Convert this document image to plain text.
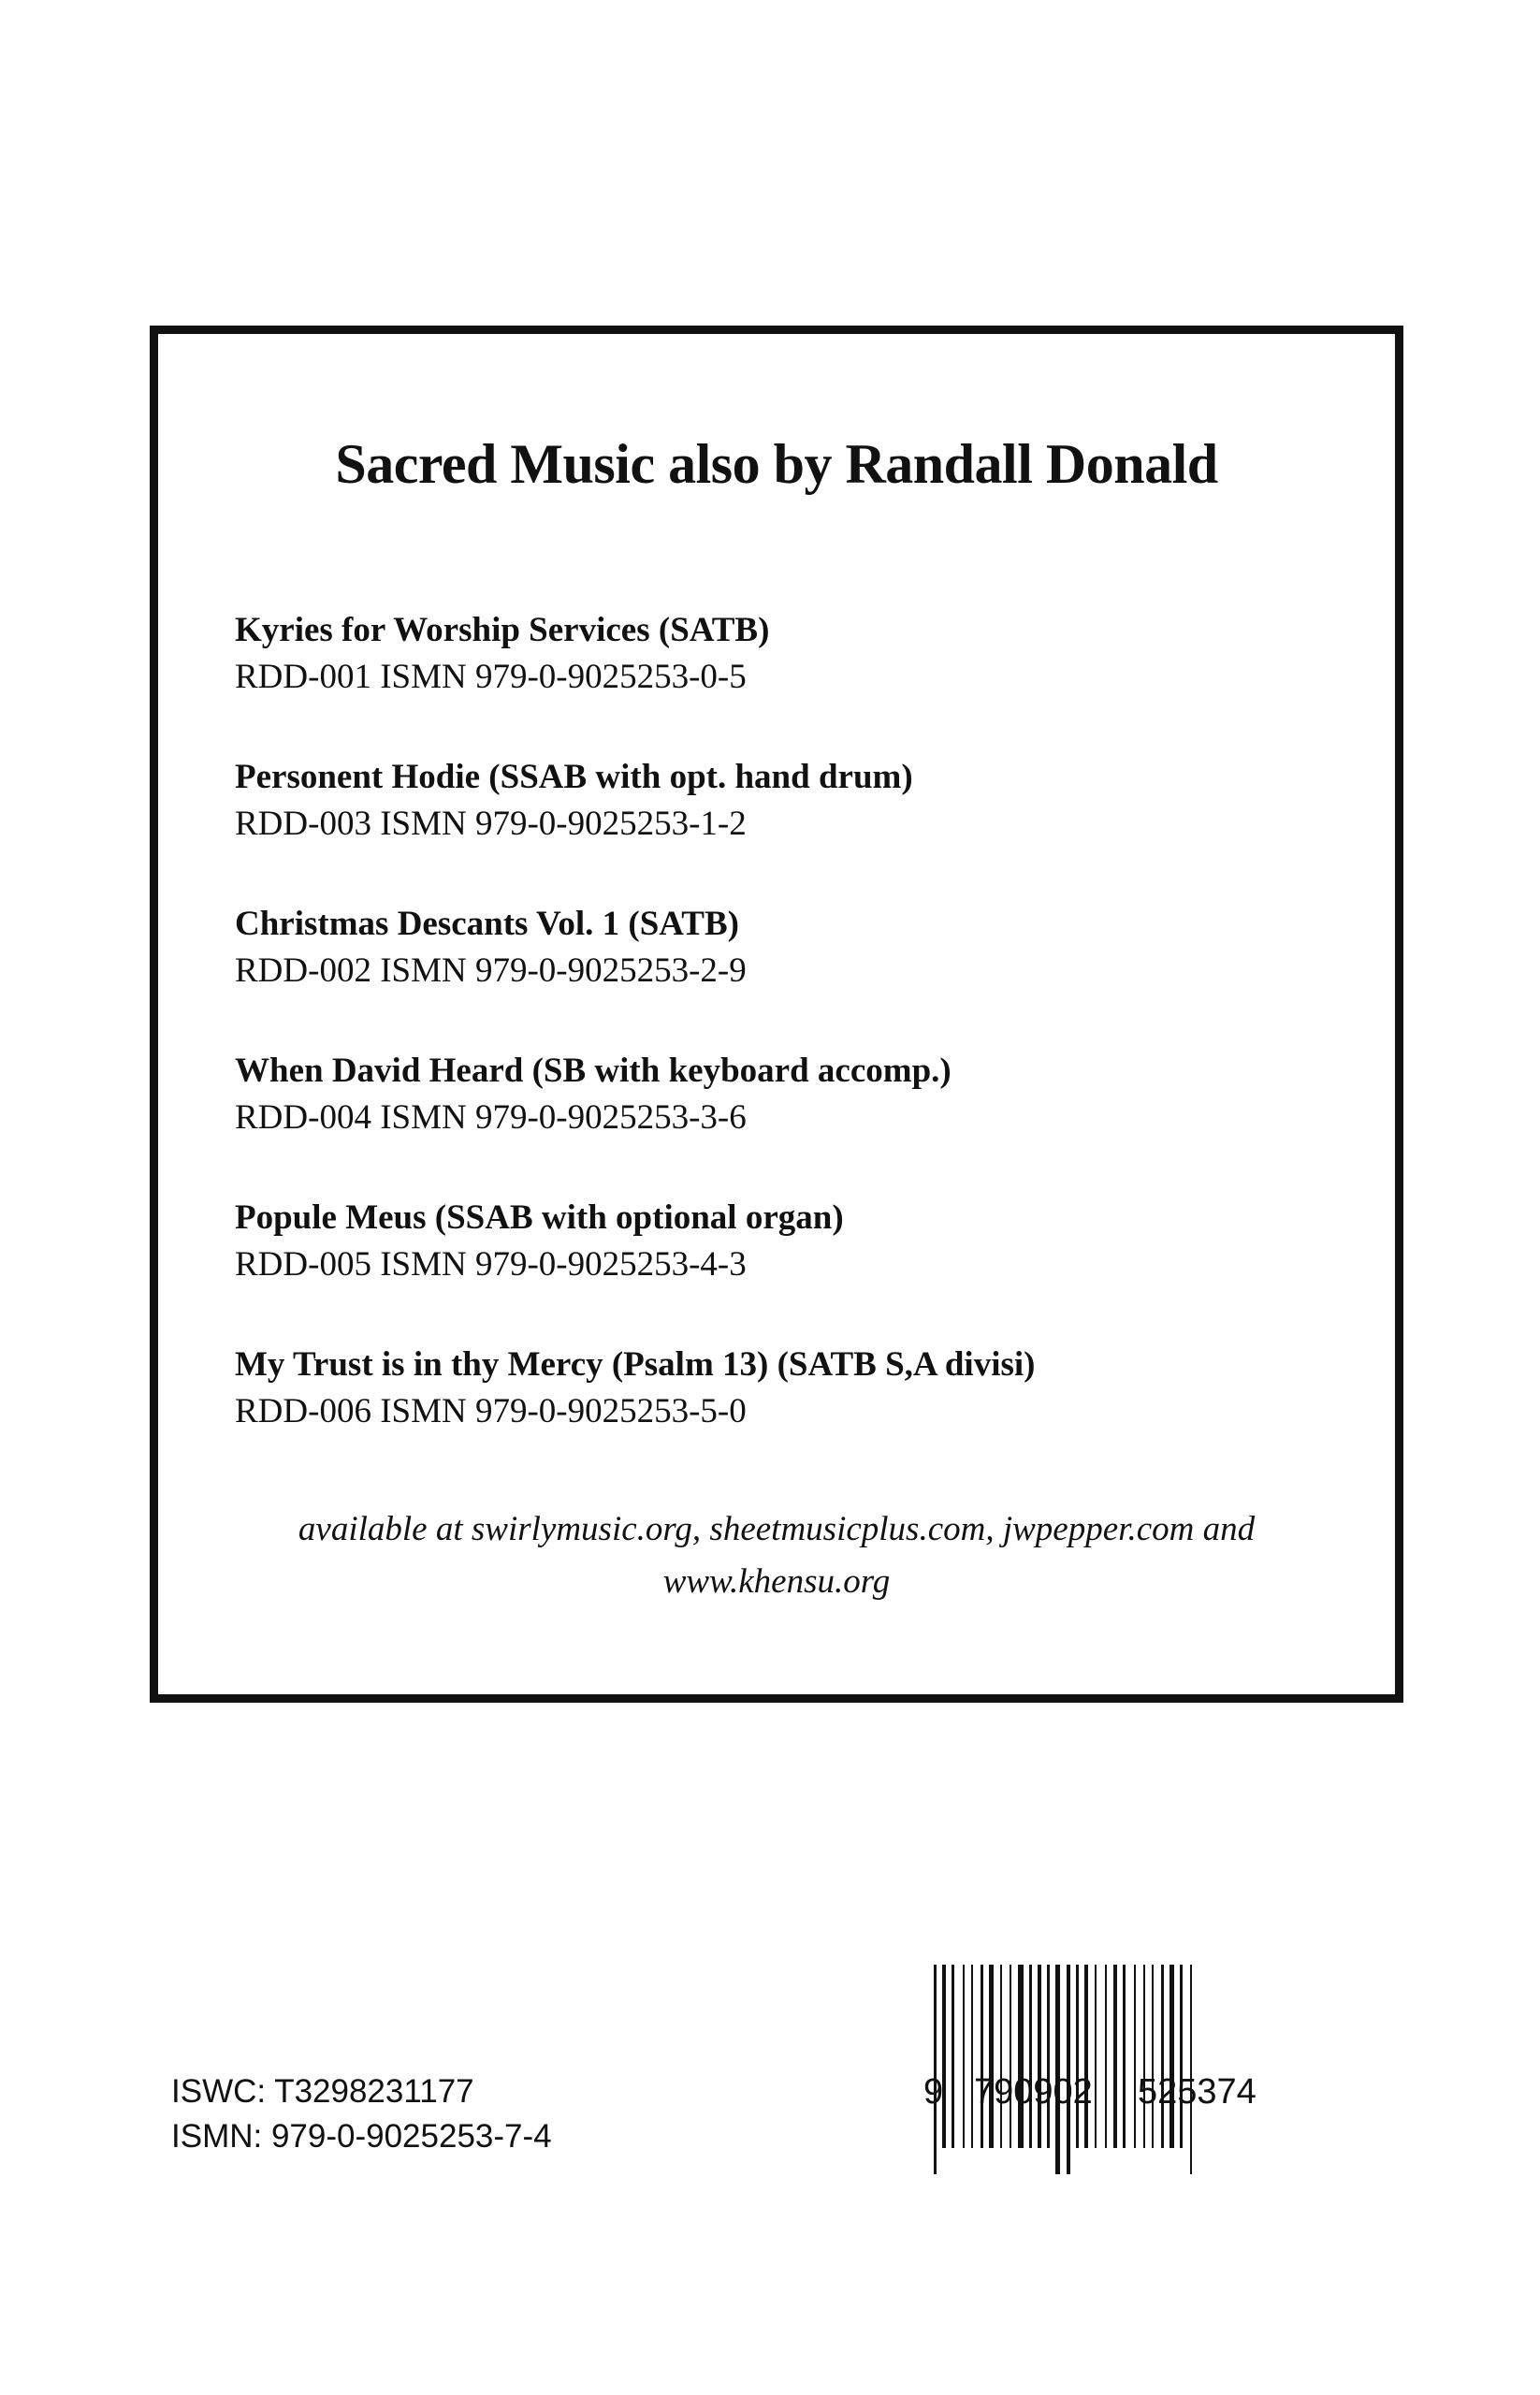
Sacred Music also by Randall Donald
Kyries for Worship Services (SATB)
RDD-001 ISMN 979-0-9025253-0-5
Personent Hodie (SSAB with opt. hand drum)
RDD-003 ISMN 979-0-9025253-1-2
Christmas Descants Vol. 1 (SATB)
RDD-002 ISMN 979-0-9025253-2-9
When David Heard (SB with keyboard accomp.)
RDD-004 ISMN 979-0-9025253-3-6
Popule Meus (SSAB with optional organ)
RDD-005 ISMN 979-0-9025253-4-3
My Trust is in thy Mercy (Psalm 13) (SATB S,A divisi)
RDD-006 ISMN 979-0-9025253-5-0
available at swirlymusic.org, sheetmusicplus.com, jwpepper.com and
www.khensu.org
ISWC: T3298231177
ISMN: 979-0-9025253-7-4
9 790902 525374
